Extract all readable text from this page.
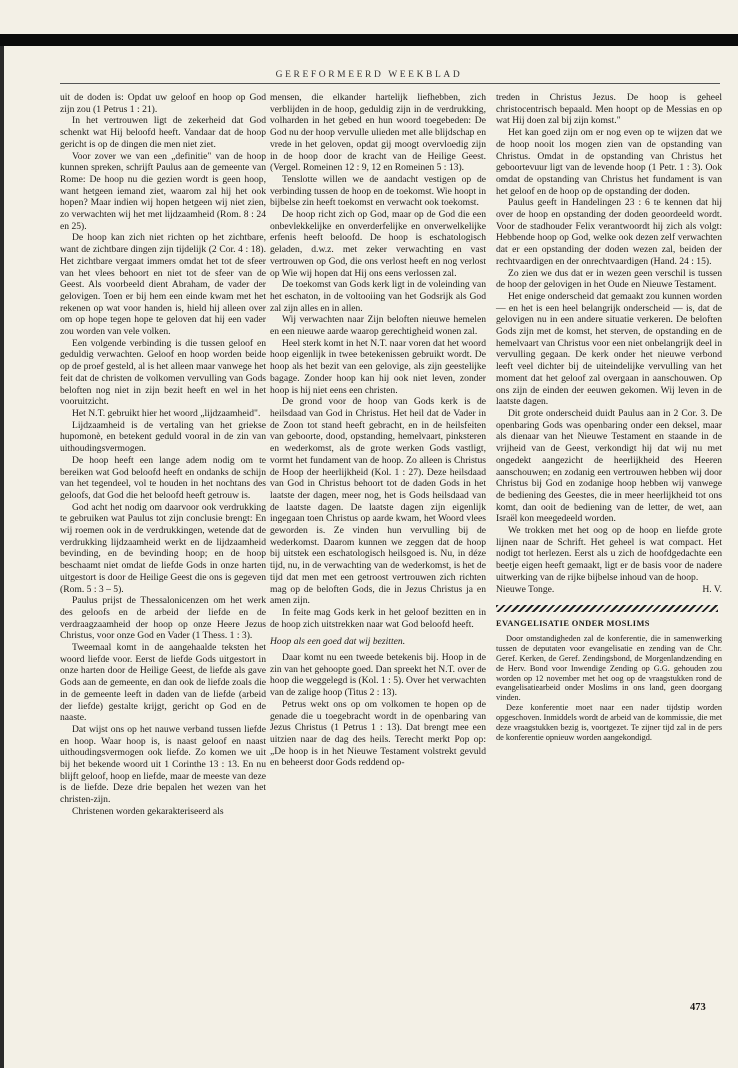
GEREFORMEERD WEEKBLAD

uit de doden is: Opdat uw geloof en hoop op God zijn zou (1 Petrus 1 : 21).

In het vertrouwen ligt de zekerheid dat God schenkt wat Hij beloofd heeft. Vandaar dat de hoop gericht is op de dingen die men niet ziet.

Voor zover we van een „definitie" van de hoop kunnen spreken, schrijft Paulus aan de gemeente van Rome: De hoop nu die gezien wordt is geen hoop, want hetgeen iemand ziet, waarom zal hij het ook hopen? Maar indien wij hopen hetgeen wij niet zien, zo verwachten wij het met lijdzaamheid (Rom. 8 : 24 en 25).

De hoop kan zich niet richten op het zichtbare, want de zichtbare dingen zijn tijdelijk (2 Cor. 4 : 18). Het zichtbare vergaat immers omdat het tot de sfeer van het vlees behoort en niet tot de sfeer van de Geest. Als voorbeeld dient Abraham, de vader der gelovigen. Toen er bij hem een einde kwam met het rekenen op wat voor handen is, hield hij alleen over om op hope tegen hope te geloven dat hij een vader zou worden van vele volken.

Een volgende verbinding is die tussen geloof en geduldig verwachten. Geloof en hoop worden beide op de proef gesteld, al is het alleen maar vanwege het feit dat de christen de volkomen vervulling van Gods beloften nog niet in zijn bezit heeft en wel in het vooruitzicht.

Het N.T. gebruikt hier het woord „lijdzaamheid".

Lijdzaamheid is de vertaling van het griekse hupomonè, en betekent geduld vooral in de zin van uithoudingsvermogen.

De hoop heeft een lange adem nodig om te bereiken wat God beloofd heeft en ondanks de schijn van het tegendeel, vol te houden in het nochtans des geloofs, dat God die het beloofd heeft getrouw is.

God acht het nodig om daarvoor ook verdrukking te gebruiken wat Paulus tot zijn conclusie brengt: En wij roemen ook in de verdrukkingen, wetende dat de verdrukking lijdzaamheid werkt en de lijdzaamheid bevinding, en de bevinding hoop; en de hoop beschaamt niet omdat de liefde Gods in onze harten uitgestort is door de Heilige Geest die ons is gegeven (Rom. 5 : 3 – 5).

Paulus prijst de Thessalonicenzen om het werk des geloofs en de arbeid der liefde en de verdraagzaamheid der hoop op onze Heere Jezus Christus, voor onze God en Vader (1 Thess. 1 : 3).

Tweemaal komt in de aangehaalde teksten het woord liefde voor. Eerst de liefde Gods uitgestort in onze harten door de Heilige Geest, de liefde als gave Gods aan de gemeente, en dan ook de liefde zoals die in de gemeente leeft in daden van de liefde (arbeid der liefde) gestalte krijgt, gericht op God en de naaste.

Dat wijst ons op het nauwe verband tussen liefde en hoop. Waar hoop is, is naast geloof en naast uithoudingsvermogen ook liefde. Zo komen we uit bij het bekende woord uit 1 Corinthe 13 : 13. En nu blijft geloof, hoop en liefde, maar de meeste van deze is de liefde. Deze drie bepalen het wezen van het christen-zijn.

Christenen worden gekarakteriseerd als

mensen, die elkander hartelijk liefhebben, zich verblijden in de hoop, geduldig zijn in de verdrukking, volharden in het gebed en hun woord toegebeden: De God nu der hoop vervulle ulieden met alle blijdschap en vrede in het geloven, opdat gij moogt overvloedig zijn in de hoop door de kracht van de Heilige Geest. (Vergel. Romeinen 12 : 9, 12 en Romeinen 5 : 13).

Tenslotte willen we de aandacht vestigen op de verbinding tussen de hoop en de toekomst. Wie hoopt in bijbelse zin heeft toekomst en verwacht ook toekomst.

De hoop richt zich op God, maar op de God die een onbevlekkelijke en onverderfelijke en onverwelkelijke erfenis heeft beloofd. De hoop is eschatologisch geladen, d.w.z. met zeker verwachting en vast vertrouwen op God, die ons verlost heeft en nog verlost op Wie wij hopen dat Hij ons eens verlossen zal.

De toekomst van Gods kerk ligt in de voleinding van het eschaton, in de voltooiing van het Godsrijk als God zal zijn alles en in allen.

Wij verwachten naar Zijn beloften nieuwe hemelen en een nieuwe aarde waarop gerechtigheid wonen zal.

Heel sterk komt in het N.T. naar voren dat het woord hoop eigenlijk in twee betekenissen gebruikt wordt. De hoop als het bezit van een gelovige, als zijn geestelijke bagage. Zonder hoop kan hij ook niet leven, zonder hoop is hij niet eens een christen.

De grond voor de hoop van Gods kerk is de heilsdaad van God in Christus. Het heil dat de Vader in de Zoon tot stand heeft gebracht, en in de heilsfeiten van geboorte, dood, opstanding, hemelvaart, pinksteren en wederkomst, als de grote werken Gods vastligt, vormt het fundament van de hoop. Zo alleen is Christus de Hoop der heerlijkheid (Kol. 1 : 27). Deze heilsdaad van God in Christus behoort tot de daden Gods in het laatste der dagen, meer nog, het is Gods heilsdaad van de laatste dagen. De laatste dagen zijn eigenlijk ingegaan toen Christus op aarde kwam, het Woord vlees geworden is. Ze vinden hun vervulling bij de wederkomst. Daarom kunnen we zeggen dat de hoop bij uitstek een eschatologisch heilsgoed is. Nu, in déze tijd, nu, in de verwachting van de wederkomst, is het de tijd dat men met een getroost vertrouwen zich richten mag op de beloften Gods, die in Jezus Christus ja en amen zijn.

In feite mag Gods kerk in het geloof bezitten en in de hoop zich uitstrekken naar wat God beloofd heeft.

Hoop als een goed dat wij bezitten.

Daar komt nu een tweede betekenis bij. Hoop in de zin van het gehoopte goed. Dan spreekt het N.T. over de hoop die weggelegd is (Kol. 1 : 5). Over het verwachten van de zalige hoop (Titus 2 : 13).

Petrus wekt ons op om volkomen te hopen op de genade die u toegebracht wordt in de openbaring van Jezus Christus (1 Petrus 1 : 13). Dat brengt mee een uitzien naar de dag des heils. Terecht merkt Pop op: „De hoop is in het Nieuwe Testament volstrekt gevuld en beheerst door Gods reddend op-

treden in Christus Jezus. De hoop is geheel christocentrisch bepaald. Men hoopt op de Messias en op wat Hij doen zal bij zijn komst."

Het kan goed zijn om er nog even op te wijzen dat we de hoop nooit los mogen zien van de opstanding van Christus. Omdat in de opstanding van Christus het geboortevuur ligt van de levende hoop (1 Petr. 1 : 3). Ook omdat de opstanding van Christus het fundament is van het geloof en de hoop op de opstanding der doden.

Paulus geeft in Handelingen 23 : 6 te kennen dat hij over de hoop en opstanding der doden geoordeeld wordt. Voor de stadhouder Felix verantwoordt hij zich als volgt: Hebbende hoop op God, welke ook dezen zelf verwachten dat er een opstanding der doden wezen zal, beiden der rechtvaardigen en der onrechtvaardigen (Hand. 24 : 15).

Zo zien we dus dat er in wezen geen verschil is tussen de hoop der gelovigen in het Oude en Nieuwe Testament.

Het enige onderscheid dat gemaakt zou kunnen worden — en het is een heel belangrijk onderscheid — is, dat de gelovigen nu in een andere situatie verkeren. De beloften Gods zijn met de komst, het sterven, de opstanding en de hemelvaart van Christus voor een niet onbelangrijk deel in vervulling gegaan. De kerk onder het nieuwe verbond leeft veel dichter bij de uiteindelijke vervulling van het moment dat het geloof zal overgaan in aanschouwen. Op ons zijn de einden der eeuwen gekomen. Wij leven in de laatste dagen.

Dit grote onderscheid duidt Paulus aan in 2 Cor. 3. De openbaring Gods was openbaring onder een deksel, maar als dienaar van het Nieuwe Testament en staande in de vrijheid van de Geest, verkondigt hij dat wij nu met ongedekt aangezicht de heerlijkheid des Heeren aanschouwen; en zodanig een vertrouwen hebben wij door Christus bij God en zodanige hoop hebben wij vanwege de bediening des Geestes, die in meer heerlijkheid tot ons komt, dan ooit de bediening van de letter, de wet, aan Israël kon meegedeeld worden.

We trokken met het oog op de hoop en liefde grote lijnen naar de Schrift. Het geheel is wat compact. Het nodigt tot herlezen. Eerst als u zich de hoofdgedachte een beetje eigen heeft gemaakt, ligt er de basis voor de nadere uitwerking van de rijke bijbelse inhoud van de hoop.

Nieuwe Tonge.	H. V.

EVANGELISATIE ONDER MOSLIMS

Door omstandigheden zal de konferentie, die in samenwerking tussen de deputaten voor evangelisatie en zending van de Chr. Geref. Kerken, de Geref. Zendingsbond, de Morgenlandzending en de Herv. Bond voor Inwendige Zending op G.G. gehouden zou worden op 12 november met het oog op de vraagstukken rond de evangelisatiearbeid onder Moslims in ons land, geen doorgang vinden.

Deze konferentie moet naar een nader tijdstip worden opgeschoven. Inmiddels wordt de arbeid van de kommissie, die met deze vraagstukken bezig is, voortgezet. Te zijner tijd zal in de pers de konferentie opnieuw worden aangekondigd.

473
